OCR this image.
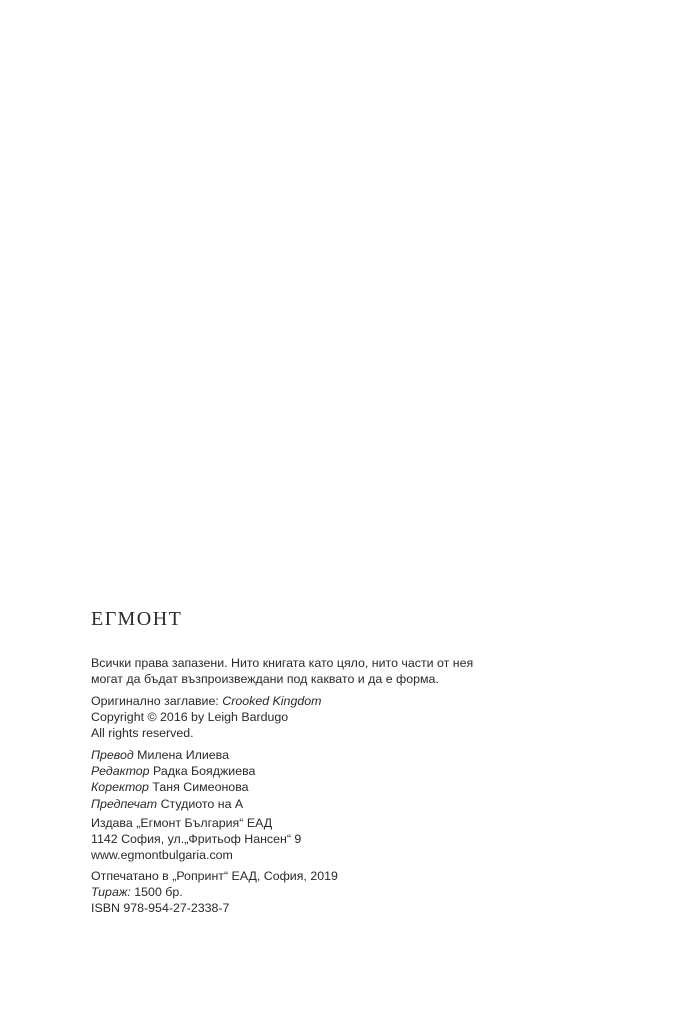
ЕГМОНТ
Всички права запазени. Нито книгата като цяло, нито части от нея
могат да бъдат възпроизвеждани под каквато и да е форма.
Оригинално заглавие: Crooked Kingdom
Copyright © 2016 by Leigh Bardugo
All rights reserved.
Превод Милена Илиева
Редактор Радка Бояджиева
Коректор Таня Симеонова
Предпечат Студиото на А
Издава „Егмонт България“ ЕАД
1142 София, ул.„Фритьоф Нансен“ 9
www.egmontbulgaria.com
Отпечатано в „Ропринт“ ЕАД, София, 2019
Тираж: 1500 бр.
ISBN 978-954-27-2338-7
